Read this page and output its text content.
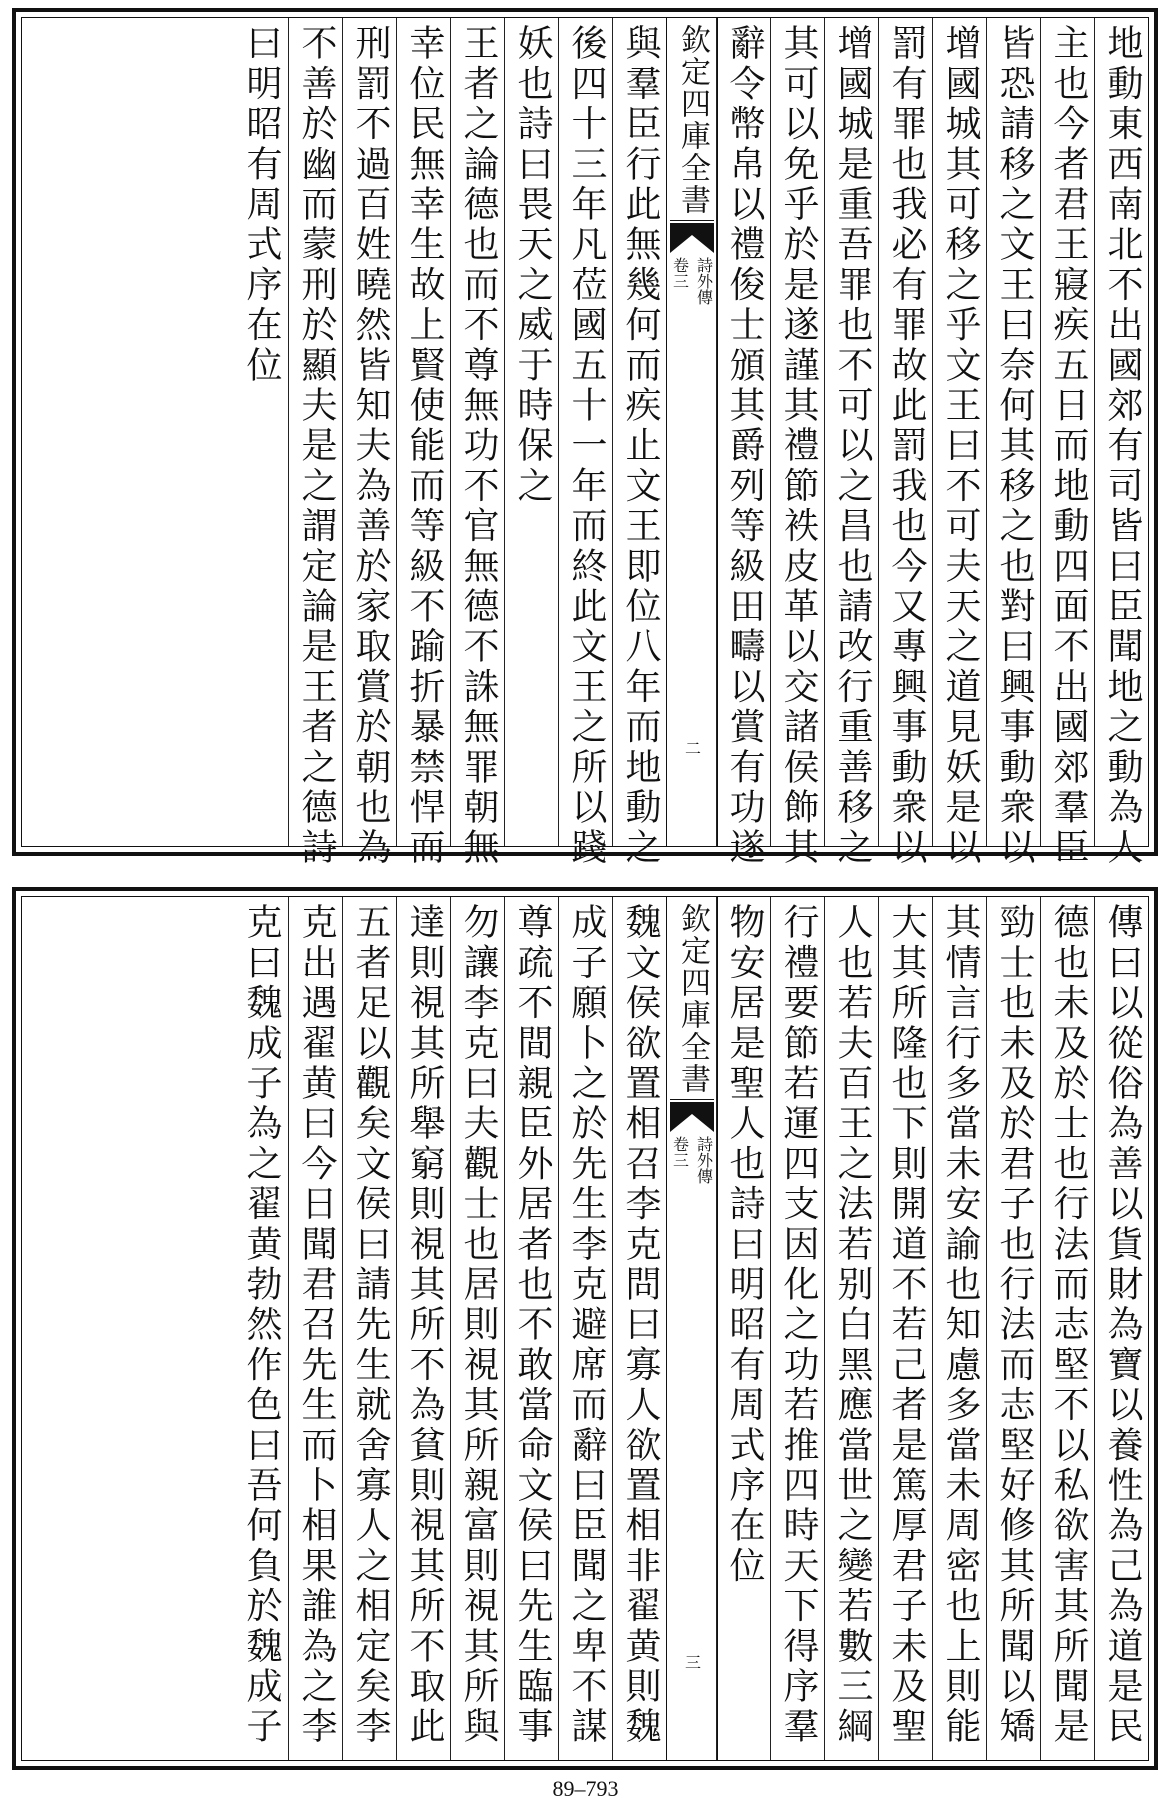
地動東西南北不出國郊有司皆曰臣聞地之動為人
主也今者君王寢疾五日而地動四面不出國郊羣臣
皆恐請移之文王曰奈何其移之也對曰興事動衆以
增國城其可移之乎文王曰不可夫天之道見妖是以
罰有罪也我必有罪故此罰我也今又專興事動衆以
增國城是重吾罪也不可以之昌也請改行重善移之
其可以免乎於是遂謹其禮節袟皮革以交諸侯飾其
辭令幣帛以禮俊士頒其爵列等級田疇以賞有功遂
欽定四庫全書
詩外傳
卷三
二
與羣臣行此無幾何而疾止文王即位八年而地動之
後四十三年凡莅國五十一年而終此文王之所以踐
妖也詩曰畏天之威于時保之
王者之論德也而不尊無功不官無德不誅無罪朝無
幸位民無幸生故上賢使能而等級不踰折暴禁悍而
刑罰不過百姓曉然皆知夫為善於家取賞於朝也為
不善於幽而蒙刑於顯夫是之謂定論是王者之德詩
曰明昭有周式序在位
傳曰以從俗為善以貨財為寶以養性為己為道是民
德也未及於士也行法而志堅不以私欲害其所聞是
勁士也未及於君子也行法而志堅好修其所聞以矯
其情言行多當未安諭也知慮多當未周密也上則能
大其所隆也下則開道不若己者是篤厚君子未及聖
人也若夫百王之法若别白黑應當世之變若數三綱
行禮要節若運四支因化之功若推四時天下得序羣
物安居是聖人也詩曰明昭有周式序在位
欽定四庫全書
詩外傳
卷三
三
魏文侯欲置相召李克問曰寡人欲置相非翟黄則魏
成子願卜之於先生李克避席而辭曰臣聞之卑不謀
尊疏不間親臣外居者也不敢當命文侯曰先生臨事
勿讓李克曰夫觀士也居則視其所親富則視其所與
達則視其所舉窮則視其所不為貧則視其所不取此
五者足以觀矣文侯曰請先生就舍寡人之相定矣李
克出遇翟黄曰今日聞君召先生而卜相果誰為之李
克曰魏成子為之翟黄勃然作色曰吾何負於魏成子
89–793
